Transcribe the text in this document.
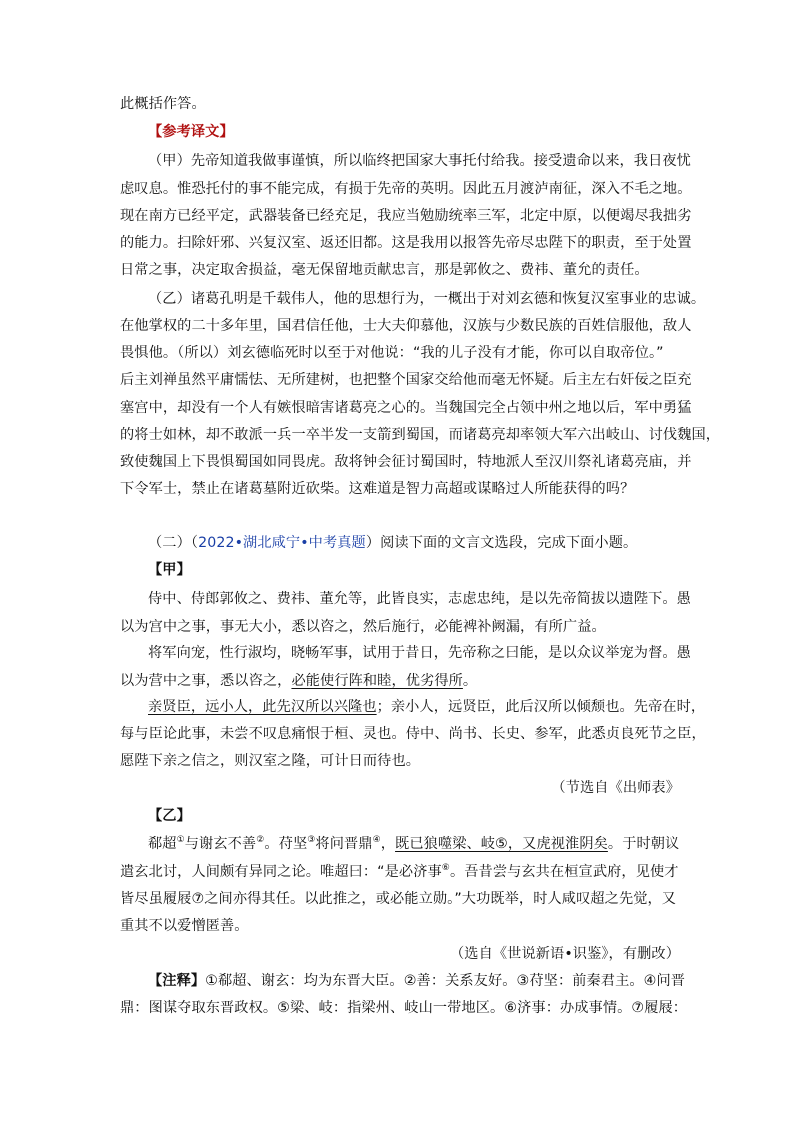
此概括作答。
【参考译文】
（甲）先帝知道我做事谨慎，所以临终把国家大事托付给我。接受遗命以来，我日夜忧
虑叹息。惟恐托付的事不能完成，有损于先帝的英明。因此五月渡泸南征，深入不毛之地。
现在南方已经平定，武器装备已经充足，我应当勉励统率三军，北定中原，以便竭尽我拙劣
的能力。扫除奸邪、兴复汉室、返还旧都。这是我用以报答先帝尽忠陛下的职责，至于处置
日常之事，决定取舍损益，毫无保留地贡献忠言，那是郭攸之、费祎、董允的责任。
（乙）诸葛孔明是千载伟人，他的思想行为，一概出于对刘玄德和恢复汉室事业的忠诚。
在他掌权的二十多年里，国君信任他，士大夫仰慕他，汉族与少数民族的百姓信服他，敌人
畏惧他。（所以）刘玄德临死时以至于对他说：“我的儿子没有才能，你可以自取帝位。”
后主刘禅虽然平庸懦怯、无所建树，也把整个国家交给他而毫无怀疑。后主左右奸佞之臣充
塞宫中，却没有一个人有嫉恨暗害诸葛亮之心的。当魏国完全占领中州之地以后，军中勇猛
的将士如林，却不敢派一兵一卒半发一支箭到蜀国，而诸葛亮却率领大军六出岐山、讨伐魏国，
致使魏国上下畏惧蜀国如同畏虎。敌将钟会征讨蜀国时，特地派人至汉川祭礼诸葛亮庙，并
下令军士，禁止在诸葛墓附近砍柴。这难道是智力高超或谋略过人所能获得的吗？
（二）（2022•湖北咸宁•中考真题）阅读下面的文言文选段，完成下面小题。
【甲】
侍中、侍郎郭攸之、费祎、董允等，此皆良实，志虑忠纯，是以先帝简拔以遗陛下。愚
以为宫中之事，事无大小，悉以咨之，然后施行，必能裨补阙漏，有所广益。
将军向宠，性行淑均，晓畅军事，试用于昔日，先帝称之曰能，是以众议举宠为督。愚
以为营中之事，悉以咨之，必能使行阵和睦，优劣得所。
亲贤臣，远小人，此先汉所以兴隆也；亲小人，远贤臣，此后汉所以倾颓也。先帝在时，
每与臣论此事，未尝不叹息痛恨于桓、灵也。侍中、尚书、长史、参军，此悉贞良死节之臣，
愿陛下亲之信之，则汉室之隆，可计日而待也。
（节选自《出师表》
【乙】
郗超①与谢玄不善②。苻坚③将问晋鼎④，既已狼噬梁、岐⑤，又虎视淮阴矣。于时朝议
遣玄北讨，人间颇有异同之论。唯超曰：“是必济事⑥。吾昔尝与玄共在桓宣武府，见使才
皆尽虽履屐⑦之间亦得其任。以此推之，或必能立勋。”大功既举，时人咸叹超之先觉，又
重其不以爱憎匿善。
（选自《世说新语•识鉴》，有删改）
【注释】①郗超、谢玄：均为东晋大臣。②善：关系友好。③苻坚：前秦君主。④问晋
鼎：图谋夺取东晋政权。⑤梁、岐：指梁州、岐山一带地区。⑥济事：办成事情。⑦履屐：
